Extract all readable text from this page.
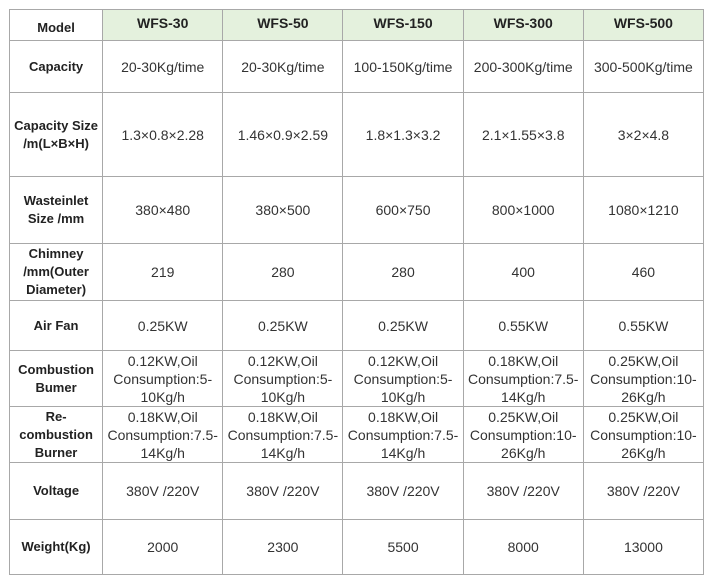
Model	WFS-30	WFS-50	WFS-150	WFS-300	WFS-500
Capacity	20-30Kg/time	20-30Kg/time	100-150Kg/time	200-300Kg/time	300-500Kg/time
Capacity Size /m(L×B×H)	1.3×0.8×2.28	1.46×0.9×2.59	1.8×1.3×3.2	2.1×1.55×3.8	3×2×4.8
Wasteinlet Size /mm	380×480	380×500	600×750	800×1000	1080×1210
Chimney /mm(Outer Diameter)	219	280	280	400	460
Air Fan	0.25KW	0.25KW	0.25KW	0.55KW	0.55KW
Combustion Bumer	0.12KW,Oil Consumption:5-10Kg/h	0.12KW,Oil Consumption:5-10Kg/h	0.12KW,Oil Consumption:5-10Kg/h	0.18KW,Oil Consumption:7.5-14Kg/h	0.25KW,Oil Consumption:10-26Kg/h
Re-combustion Burner	0.18KW,Oil Consumption:7.5-14Kg/h	0.18KW,Oil Consumption:7.5-14Kg/h	0.18KW,Oil Consumption:7.5-14Kg/h	0.25KW,Oil Consumption:10-26Kg/h	0.25KW,Oil Consumption:10-26Kg/h
Voltage	380V /220V	380V /220V	380V /220V	380V /220V	380V /220V
Weight(Kg)	2000	2300	5500	8000	13000
